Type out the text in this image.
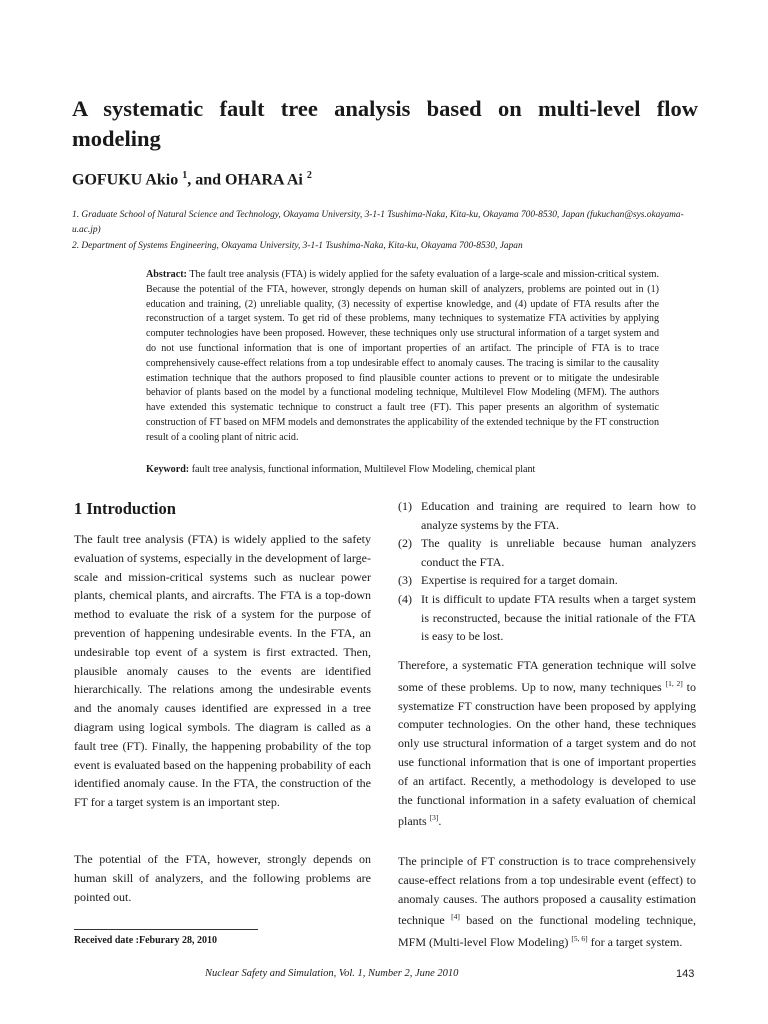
A systematic fault tree analysis based on multi-level flow modeling

GOFUKU Akio $^1$, and OHARA Ai $^2$

1. Graduate School of Natural Science and Technology, Okayama University, 3-1-1 Tsushima-Naka, Kita-ku, Okayama 700-8530, Japan (fukuchan@sys.okayama-u.ac.jp)

2. Department of Systems Engineering, Okayama University, 3-1-1 Tsushima-Naka, Kita-ku, Okayama 700-8530, Japan

Abstract: The fault tree analysis (FTA) is widely applied for the safety evaluation of a large-scale and mission-critical system. Because the potential of the FTA, however, strongly depends on human skill of analyzers, problems are pointed out in (1) education and training, (2) unreliable quality, (3) necessity of expertise knowledge, and (4) update of FTA results after the reconstruction of a target system. To get rid of these problems, many techniques to systematize FTA activities by applying computer technologies have been proposed. However, these techniques only use structural information of a target system and do not use functional information that is one of important properties of an artifact. The principle of FTA is to trace comprehensively cause-effect relations from a top undesirable effect to anomaly causes. The tracing is similar to the causality estimation technique that the authors proposed to find plausible counter actions to prevent or to mitigate the undesirable behavior of plants based on the model by a functional modeling technique, Multilevel Flow Modeling (MFM). The authors have extended this systematic technique to construct a fault tree (FT). This paper presents an algorithm of systematic construction of FT based on MFM models and demonstrates the applicability of the extended technique by the FT construction result of a cooling plant of nitric acid.

Keyword: fault tree analysis, functional information, Multilevel Flow Modeling, chemical plant

1 Introduction

The fault tree analysis (FTA) is widely applied to the safety evaluation of systems, especially in the development of large-scale and mission-critical systems such as nuclear power plants, chemical plants, and aircrafts. The FTA is a top-down method to evaluate the risk of a system for the purpose of prevention of happening undesirable events. In the FTA, an undesirable top event of a system is first extracted. Then, plausible anomaly causes to the events are identified hierarchically. The relations among the undesirable events and the anomaly causes identified are expressed in a tree diagram using logical symbols. The diagram is called as a fault tree (FT). Finally, the happening probability of the top event is evaluated based on the happening probability of each identified anomaly cause. In the FTA, the construction of the FT for a target system is an important step.

The potential of the FTA, however, strongly depends on human skill of analyzers, and the following problems are pointed out.

(1) Education and training are required to learn how to analyze systems by the FTA.
(2) The quality is unreliable because human analyzers conduct the FTA.
(3) Expertise is required for a target domain.
(4) It is difficult to update FTA results when a target system is reconstructed, because the initial rationale of the FTA is easy to be lost.

Therefore, a systematic FTA generation technique will solve some of these problems. Up to now, many techniques [1, 2] to systematize FT construction have been proposed by applying computer technologies. On the other hand, these techniques only use structural information of a target system and do not use functional information that is one of important properties of an artifact. Recently, a methodology is developed to use the functional information in a safety evaluation of chemical plants [3].

The principle of FT construction is to trace comprehensively cause-effect relations from a top undesirable event (effect) to anomaly causes. The authors proposed a causality estimation technique [4] based on the functional modeling technique, MFM (Multi-level Flow Modeling) [5, 6] for a target system.

Received date :Feburary 28, 2010

Nuclear Safety and Simulation, Vol. 1, Number 2, June 2010	143
